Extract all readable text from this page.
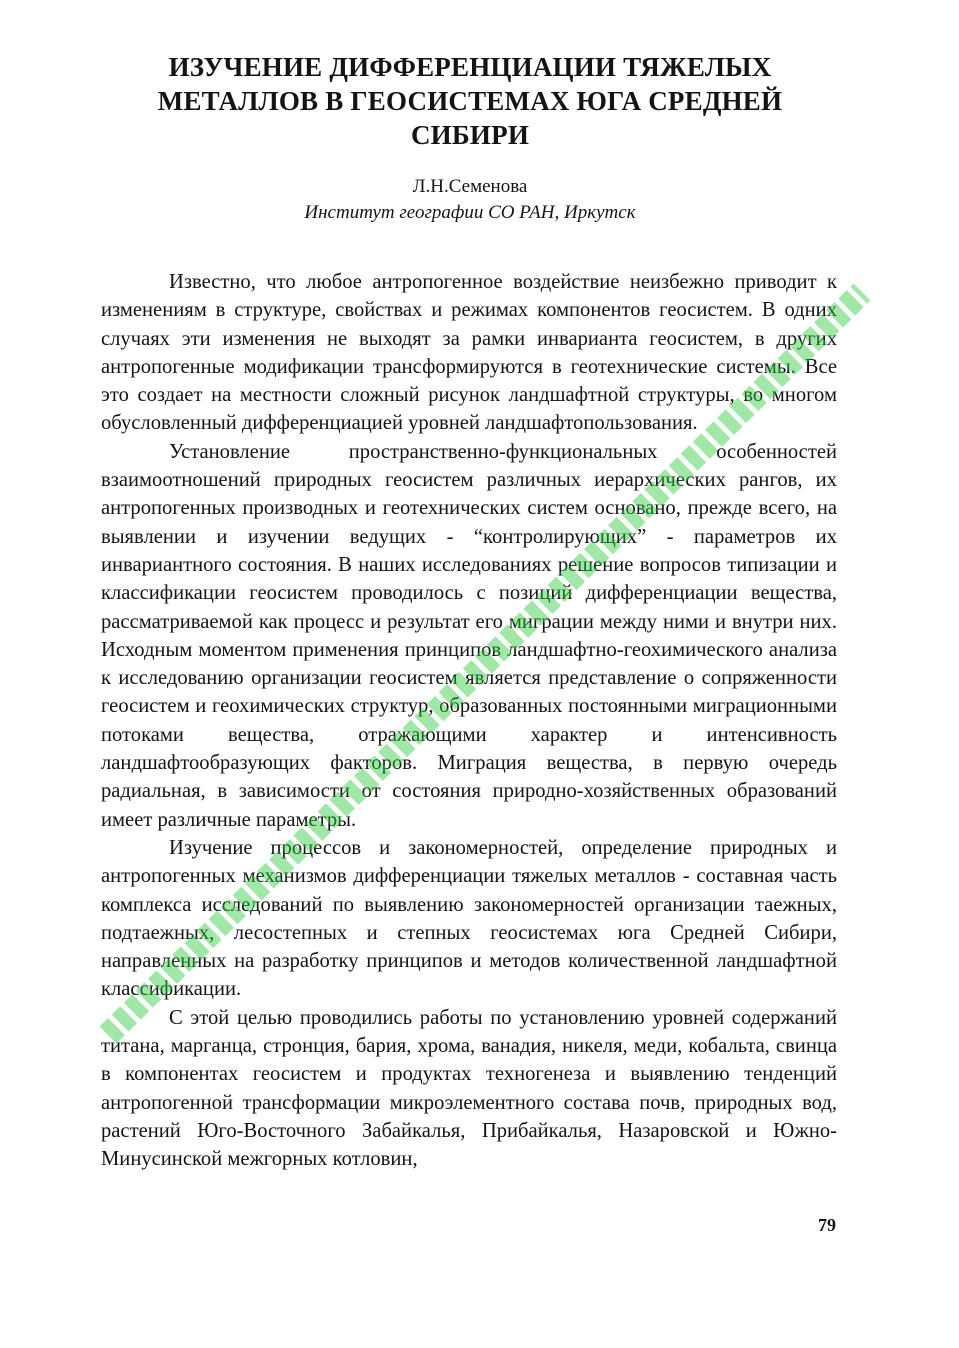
ИЗУЧЕНИЕ ДИФФЕРЕНЦИАЦИИ ТЯЖЕЛЫХ
МЕТАЛЛОВ В ГЕОСИСТЕМАХ ЮГА СРЕДНЕЙ
СИБИРИ
Л.Н.Семенова
Институт географии СО РАН, Иркутск

Известно, что любое антропогенное воздействие неизбежно приводит к изменениям в структуре, свойствах и режимах компонентов геосистем. В одних случаях эти изменения не выходят за рамки инварианта геосистем, в других антропогенные модификации трансформируются в геотехнические системы. Все это создает на местности сложный рисунок ландшафтной структуры, во многом обусловленный дифференциацией уровней ландшафтопользования.

Установление пространственно-функциональных особенностей взаимоотношений природных геосистем различных иерархических рангов, их антропогенных производных и геотехнических систем основано, прежде всего, на выявлении и изучении ведущих - “контролирующих” - параметров их инвариантного состояния. В наших исследованиях решение вопросов типизации и классификации геосистем проводилось с позиций дифференциации вещества, рассматриваемой как процесс и результат его миграции между ними и внутри них. Исходным моментом применения принципов ландшафтно-геохимического анализа к исследованию организации геосистем является представление о сопряженности геосистем и геохимических структур, образованных постоянными миграционными потоками вещества, отражающими характер и интенсивность ландшафтообразующих факторов. Миграция вещества, в первую очередь радиальная, в зависимости от состояния природно-хозяйственных образований имеет различные параметры.

Изучение процессов и закономерностей, определение природных и антропогенных механизмов дифференциации тяжелых металлов - составная часть комплекса исследований по выявлению закономерностей организации таежных, подтаежных, лесостепных и степных геосистемах юга Средней Сибири, направленных на разработку принципов и методов количественной ландшафтной классификации.

С этой целью проводились работы по установлению уровней содержаний титана, марганца, стронция, бария, хрома, ванадия, никеля, меди, кобальта, свинца в компонентах геосистем и продуктах техногенеза и выявлению тенденций антропогенной трансформации микроэлементного состава почв, природных вод, растений Юго-Восточного Забайкалья, Прибайкалья, Назаровской и Южно-Минусинской межгорных котловин,

79
